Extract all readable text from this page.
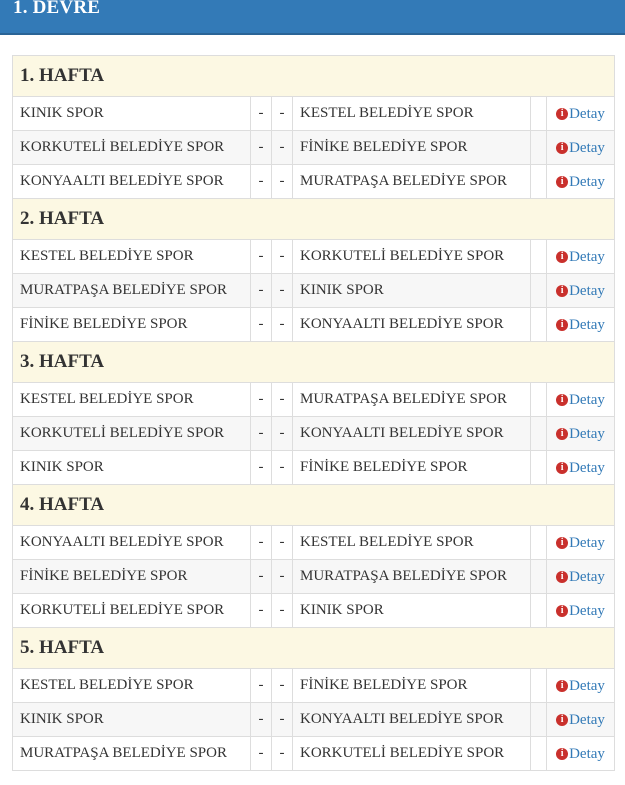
1. DEVRE
1. HAFTA					
KINIK SPOR	-	-	KESTEL BELEDİYE SPOR		i Detay

KORKUTELİ BELEDİYE SPOR	-	-	FİNİKE BELEDİYE SPOR		i Detay

KONYAALTI BELEDİYE SPOR	-	-	MURATPAŞA BELEDİYE SPOR		i Detay

2. HAFTA					
KESTEL BELEDİYE SPOR	-	-	KORKUTELİ BELEDİYE SPOR		i Detay

MURATPAŞA BELEDİYE SPOR	-	-	KINIK SPOR		i Detay

FİNİKE BELEDİYE SPOR	-	-	KONYAALTI BELEDİYE SPOR		i Detay

3. HAFTA					
KESTEL BELEDİYE SPOR	-	-	MURATPAŞA BELEDİYE SPOR		i Detay

KORKUTELİ BELEDİYE SPOR	-	-	KONYAALTI BELEDİYE SPOR		i Detay

KINIK SPOR	-	-	FİNİKE BELEDİYE SPOR		i Detay

4. HAFTA					
KONYAALTI BELEDİYE SPOR	-	-	KESTEL BELEDİYE SPOR		i Detay

FİNİKE BELEDİYE SPOR	-	-	MURATPAŞA BELEDİYE SPOR		i Detay

KORKUTELİ BELEDİYE SPOR	-	-	KINIK SPOR		i Detay

5. HAFTA					
KESTEL BELEDİYE SPOR	-	-	FİNİKE BELEDİYE SPOR		i Detay

KINIK SPOR	-	-	KONYAALTI BELEDİYE SPOR		i Detay

MURATPAŞA BELEDİYE SPOR	-	-	KORKUTELİ BELEDİYE SPOR		i Detay
